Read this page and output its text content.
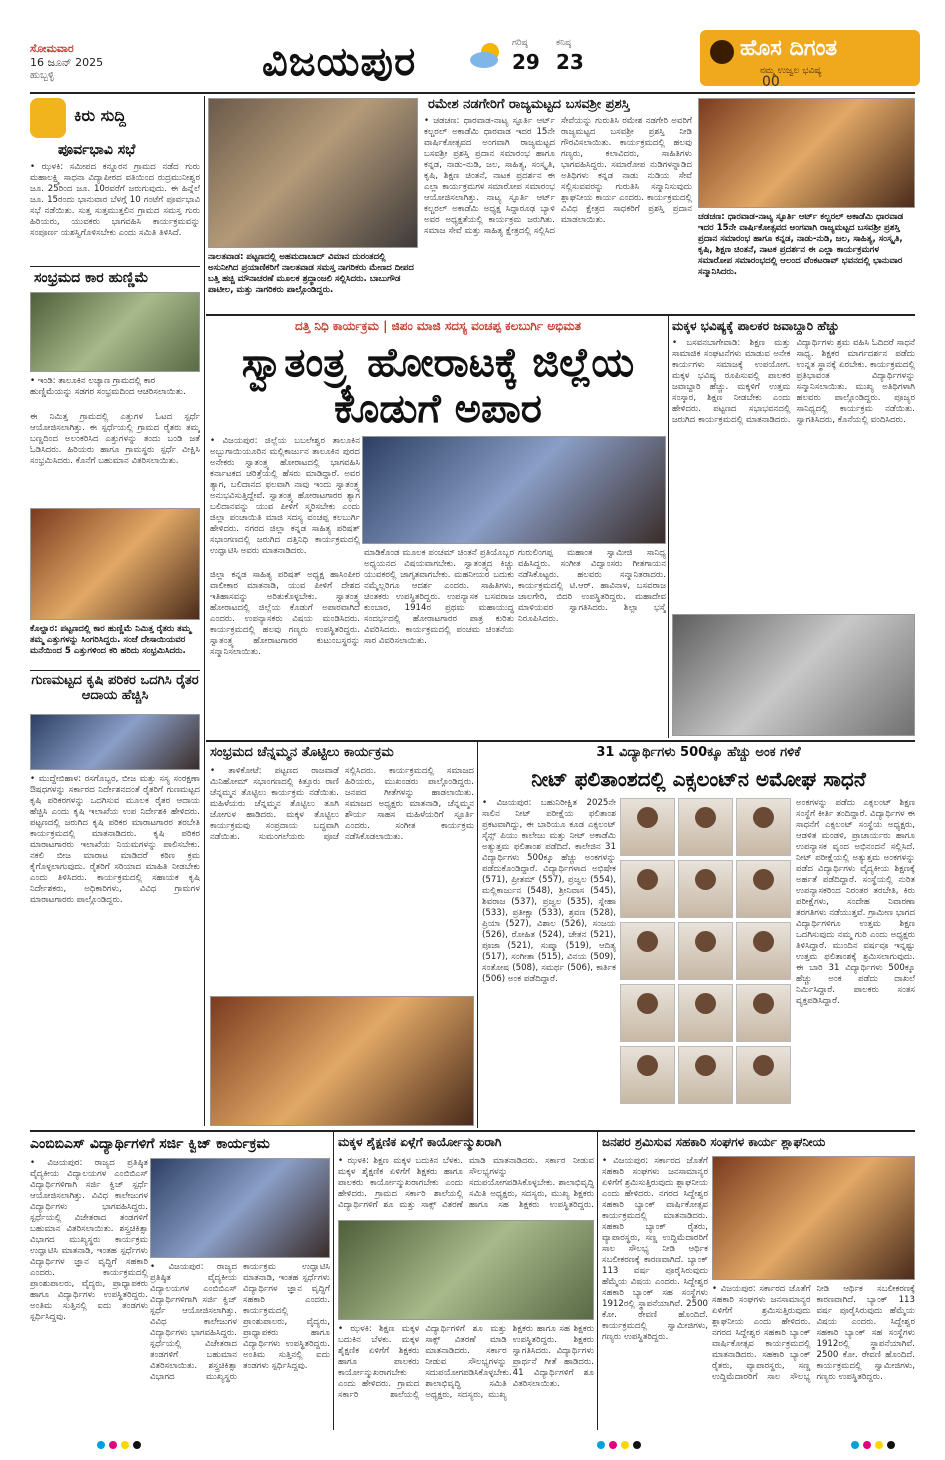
ಸೋಮವಾರ
16 ಜೂನ್ 2025
ಹುಬ್ಬಳ್ಳಿ	ವಿಜಯಪುರ	ಗರಿಷ್ಠ
29
ಕನಿಷ್ಠ
23
ಹೊಸ ದಿಗಂತ
ನಮ್ಮ ಉಜ್ವಲ ಭವಿಷ್ಯ
00
ಕಿರು ಸುದ್ದಿ
ಪೂರ್ವಭಾವಿ ಸಭೆ
• ಝಳಕಿ: ಸಮೀಪದ ಕನ್ನೂರನ ಗ್ರಾಮದ ನಡೆದ ಗುರು ಮಹಾಲಕ್ಷ್ಮಿ ಸಾಧನಾ ವಿದ್ಯಾಪೀಠದ ವತಿಯಿಂದ ರುದ್ರಮುನೀಶ್ವರ ಜೂ. 25ರಿಂದ ಜೂ. 10ರವರೆಗೆ ಜರುಗುವುದು. ಈ ಹಿನ್ನೆಲೆ ಜೂ. 15ರಂದು ಭಾನುವಾರ ಬೆಳಗ್ಗೆ 10 ಗಂಟೆಗೆ ಪೂರ್ವಭಾವಿ ಸಭೆ ನಡೆಯಿತು. ಸುತ್ತ ಸುತ್ತಮುತ್ತಲಿನ ಗ್ರಾಮದ ಸಮಸ್ತ ಗುರು ಹಿರಿಯರು, ಯುವಕರು ಭಾಗವಹಿಸಿ ಕಾರ್ಯಕ್ರಮವನ್ನು ಸಂಪೂರ್ಣ ಯಶಸ್ವಿಗೊಳಿಸಬೇಕು ಎಂದು ಸಮಿತಿ ತಿಳಿಸಿದೆ.
ಸಂಭ್ರಮದ ಕಾರ ಹುಣ್ಣಿಮೆ
• ಇಂಡಿ: ತಾಲೂಕಿನ ಲಚ್ಯಾಣ ಗ್ರಾಮದಲ್ಲಿ ಕಾರ ಹುಣ್ಣಿಮೆಯನ್ನು ಸಡಗರ ಸಂಭ್ರಮದಿಂದ ಆಚರಿಸಲಾಯಿತು.
ಈ ನಿಮಿತ್ತ ಗ್ರಾಮದಲ್ಲಿ ಎತ್ತುಗಳ ಓಟದ ಸ್ಪರ್ಧೆ ಆಯೋಜಿಸಲಾಗಿತ್ತು. ಈ ಸ್ಪರ್ಧೆಯಲ್ಲಿ ಗ್ರಾಮದ ರೈತರು ತಮ್ಮ ಬಣ್ಣದಿಂದ ಅಲಂಕರಿಸಿದ ಎತ್ತುಗಳನ್ನು ತಂದು ಬಂಡಿ ಜತೆ ಓಡಿಸಿದರು. ಹಿರಿಯರು ಹಾಗೂ ಗ್ರಾಮಸ್ಥರು ಸ್ಪರ್ಧೆ ವೀಕ್ಷಿಸಿ ಸಂಭ್ರಮಿಸಿದರು. ಕೊನೆಗೆ ಬಹುಮಾನ ವಿತರಿಸಲಾಯಿತು.
ಕೊಲ್ಹಾರ: ಪಟ್ಟಣದಲ್ಲಿ ಕಾರ ಹುಣ್ಣಿಮೆ ನಿಮಿತ್ತ ರೈತರು ತಮ್ಮ ತಮ್ಮ ಎತ್ತುಗಳನ್ನು ಸಿಂಗರಿಸಿದ್ದರು. ಸಂಜೆ ದೇಸಾಯಿಯವರ ಮನೆಯಿಂದ 5 ಎತ್ತುಗಳಿಂದ ಕರಿ ಹರಿದು ಸಂಭ್ರಮಿಸಿದರು.
ಗುಣಮಟ್ಟದ ಕೃಷಿ ಪರಿಕರ ಒದಗಿಸಿ ರೈತರ ಆದಾಯ ಹೆಚ್ಚಿಸಿ
• ಮುದ್ದೇಬಿಹಾಳ: ರಸಗೊಬ್ಬರ, ಬೀಜ ಮತ್ತು ಸಸ್ಯ ಸಂರಕ್ಷಣಾ ಔಷಧಗಳನ್ನು ಸರ್ಕಾರದ ನಿರ್ದೇಶನದಂತೆ ರೈತರಿಗೆ ಗುಣಮಟ್ಟದ ಕೃಷಿ ಪರಿಕರಗಳನ್ನು ಒದಗಿಸುವ ಮೂಲಕ ರೈತರ ಆದಾಯ ಹೆಚ್ಚಿಸಿ ಎಂದು ಕೃಷಿ ಇಲಾಖೆಯ ಉಪ ನಿರ್ದೇಶಕಿ ಹೇಳಿದರು. ಪಟ್ಟಣದಲ್ಲಿ ಜರುಗಿದ ಕೃಷಿ ಪರಿಕರ ಮಾರಾಟಗಾರರ ತರಬೇತಿ ಕಾರ್ಯಕ್ರಮದಲ್ಲಿ ಮಾತನಾಡಿದರು. ಕೃಷಿ ಪರಿಕರ ಮಾರಾಟಗಾರರು ಇಲಾಖೆಯ ನಿಯಮಗಳನ್ನು ಪಾಲಿಸಬೇಕು. ನಕಲಿ ಬೀಜ ಮಾರಾಟ ಮಾಡಿದರೆ ಕಠಿಣ ಕ್ರಮ ಕೈಗೊಳ್ಳಲಾಗುವುದು. ರೈತರಿಗೆ ಸರಿಯಾದ ಮಾಹಿತಿ ನೀಡಬೇಕು ಎಂದು ತಿಳಿಸಿದರು. ಕಾರ್ಯಕ್ರಮದಲ್ಲಿ ಸಹಾಯಕ ಕೃಷಿ ನಿರ್ದೇಶಕರು, ಅಧಿಕಾರಿಗಳು, ವಿವಿಧ ಗ್ರಾಮಗಳ ಮಾರಾಟಗಾರರು ಪಾಲ್ಗೊಂಡಿದ್ದರು.
ನಾಲತವಾಡ: ಪಟ್ಟಣದಲ್ಲಿ ಅಹಮದಾಬಾದ್ ವಿಮಾನ ದುರಂತದಲ್ಲಿ ಅಸುನೀಗಿದ ಪ್ರಯಾಣಿಕರಿಗೆ ನಾಲತವಾಡ ಸಮಸ್ತ ನಾಗರಿಕರು ಮೇಣದ ದೀಪದ ಬತ್ತಿ ಹಚ್ಚಿ ಮೌನಾಚರಣೆ ಮೂಲಕ ಶ್ರದ್ಧಾಂಜಲಿ ಸಲ್ಲಿಸಿದರು. ಬಾಬುಗೌಡ ಪಾಟೀಲ, ಮತ್ತು ನಾಗರಿಕರು ಪಾಲ್ಗೊಂಡಿದ್ದರು.
ರಮೇಶ ನಡಗೇರಿಗೆ ರಾಜ್ಯಮಟ್ಟದ ಬಸವಶ್ರೀ ಪ್ರಶಸ್ತಿ
• ಚಡಚಣ: ಧಾರವಾಡ-ನಾಟ್ಯ ಸ್ಫೂರ್ತಿ ಆರ್ಟ್ ಕಲ್ಚರಲ್ ಅಕಾಡೆಮಿ ಧಾರವಾಡ ಇದರ 15ನೇ ವಾರ್ಷಿಕೋತ್ಸವದ ಅಂಗವಾಗಿ ರಾಜ್ಯಮಟ್ಟದ ಬಸವಶ್ರೀ ಪ್ರಶಸ್ತಿ ಪ್ರದಾನ ಸಮಾರಂಭ ಹಾಗೂ ಕನ್ನಡ, ನಾಡು-ನುಡಿ, ಜಲ, ಸಾಹಿತ್ಯ, ಸಂಸ್ಕೃತಿ, ಕೃಷಿ, ಶಿಕ್ಷಣ ಚಿಂತನೆ, ನಾಟಕ ಪ್ರದರ್ಶನ ಈ ಎಲ್ಲಾ ಕಾರ್ಯಕ್ರಮಗಳ ಸಮಾರೋಪ ಸಮಾರಂಭ ಆಯೋಜಿಸಲಾಗಿತ್ತು. ನಾಟ್ಯ ಸ್ಫೂರ್ತಿ ಆರ್ಟ್ ಕಲ್ಚರಲ್ ಅಕಾಡೆಮಿ ಅಧ್ಯಕ್ಷ ಸಿದ್ದಾರೂಢ ಬ್ಯಾಳಿ ಅವರ ಅಧ್ಯಕ್ಷತೆಯಲ್ಲಿ ಕಾರ್ಯಕ್ರಮ ಜರುಗಿತು. ಸಮಾಜ ಸೇವೆ ಮತ್ತು ಸಾಹಿತ್ಯ ಕ್ಷೇತ್ರದಲ್ಲಿ ಸಲ್ಲಿಸಿದ ಸೇವೆಯನ್ನು ಗುರುತಿಸಿ ರಮೇಶ ನಡಗೇರಿ ಅವರಿಗೆ ರಾಜ್ಯಮಟ್ಟದ ಬಸವಶ್ರೀ ಪ್ರಶಸ್ತಿ ನೀಡಿ ಗೌರವಿಸಲಾಯಿತು. ಕಾರ್ಯಕ್ರಮದಲ್ಲಿ ಹಲವು ಗಣ್ಯರು, ಕಲಾವಿದರು, ಸಾಹಿತಿಗಳು ಭಾಗವಹಿಸಿದ್ದರು. ಸಮಾರೋಪ ನುಡಿಗಳನ್ನಾಡಿದ ಅತಿಥಿಗಳು ಕನ್ನಡ ನಾಡು ನುಡಿಯ ಸೇವೆ ಸಲ್ಲಿಸುವವರನ್ನು ಗುರುತಿಸಿ ಸನ್ಮಾನಿಸುವುದು ಶ್ಲಾಘನೀಯ ಕಾರ್ಯ ಎಂದರು. ಕಾರ್ಯಕ್ರಮದಲ್ಲಿ ವಿವಿಧ ಕ್ಷೇತ್ರದ ಸಾಧಕರಿಗೆ ಪ್ರಶಸ್ತಿ ಪ್ರದಾನ ಮಾಡಲಾಯಿತು.	ಚಡಚಣ: ಧಾರವಾಡ-ನಾಟ್ಯ ಸ್ಫೂರ್ತಿ ಆರ್ಟ್ ಕಲ್ಚರಲ್ ಅಕಾಡೆಮಿ ಧಾರವಾಡ ಇದರ 15ನೇ ವಾರ್ಷಿಕೋತ್ಸವದ ಅಂಗವಾಗಿ ರಾಜ್ಯಮಟ್ಟದ ಬಸವಶ್ರೀ ಪ್ರಶಸ್ತಿ ಪ್ರದಾನ ಸಮಾರಂಭ ಹಾಗೂ ಕನ್ನಡ, ನಾಡು-ನುಡಿ, ಜಲ, ಸಾಹಿತ್ಯ, ಸಂಸ್ಕೃತಿ, ಕೃಷಿ, ಶಿಕ್ಷಣ ಚಿಂತನೆ, ನಾಟಕ ಪ್ರದರ್ಶನ ಈ ಎಲ್ಲಾ ಕಾರ್ಯಕ್ರಮಗಳ ಸಮಾರೋಪ ಸಮಾರಂಭದಲ್ಲಿ ಆಲಂದ ವೆಂಕಟರಾವ್ ಭವನದಲ್ಲಿ ಭಾನುವಾರ ಸನ್ಮಾನಿಸಿದರು.
ದತ್ತಿ ನಿಧಿ ಕಾರ್ಯಕ್ರಮ | ಜಿಪಂ ಮಾಜಿ ಸದಸ್ಯ ವಂಚಪ್ಪ ಕಲಬುರ್ಗಿ ಅಭಿಮತ
ಸ್ವಾತಂತ್ರ್ಯ ಹೋರಾಟಕ್ಕೆ ಜಿಲ್ಲೆಯ ಕೊಡುಗೆ ಅಪಾರ
• ವಿಜಯಪುರ: ಜಿಲ್ಲೆಯ ಬಬಲೇಶ್ವರ ತಾಲೂಕಿನ ಅಬ್ಬುಗಾಯಿಯೂರಿನ ಮಲ್ಲಿಕಾರ್ಜುನ ತಾಲೂಕಿನ ಪುರದ ಅನೇಕರು ಸ್ವಾತಂತ್ರ್ಯ ಹೋರಾಟದಲ್ಲಿ ಭಾಗವಹಿಸಿ ಕರ್ನಾಟಕದ ಚರಿತ್ರೆಯಲ್ಲಿ ಹೆಸರು ಮಾಡಿದ್ದಾರೆ. ಅವರ ತ್ಯಾಗ, ಬಲಿದಾನದ ಫಲವಾಗಿ ನಾವು ಇಂದು ಸ್ವಾತಂತ್ರ್ಯ ಅನುಭವಿಸುತ್ತಿದ್ದೇವೆ. ಸ್ವಾತಂತ್ರ್ಯ ಹೋರಾಟಗಾರರ ತ್ಯಾಗ ಬಲಿದಾನವನ್ನು ಯುವ ಪೀಳಿಗೆ ಸ್ಮರಿಸಬೇಕು ಎಂದು ಜಿಲ್ಲಾ ಪಂಚಾಯಿತಿ ಮಾಜಿ ಸದಸ್ಯ ವಂಚಪ್ಪ ಕಲಬುರ್ಗಿ ಹೇಳಿದರು. ನಗರದ ಜಿಲ್ಲಾ ಕನ್ನಡ ಸಾಹಿತ್ಯ ಪರಿಷತ್ ಸಭಾಂಗಣದಲ್ಲಿ ಜರುಗಿದ ದತ್ತಿನಿಧಿ ಕಾರ್ಯಕ್ರಮದಲ್ಲಿ ಉದ್ಘಾಟಿಸಿ ಅವರು ಮಾತನಾಡಿದರು.
ಜಿಲ್ಲಾ ಕನ್ನಡ ಸಾಹಿತ್ಯ ಪರಿಷತ್ ಅಧ್ಯಕ್ಷ ಹಾಸಿಂಪೀರ ವಾಲೀಕಾರ ಮಾತನಾಡಿ, ಯುವ ಪೀಳಿಗೆ ದೇಶದ ಇತಿಹಾಸವನ್ನು ಅರಿತುಕೊಳ್ಳಬೇಕು. ಸ್ವಾತಂತ್ರ್ಯ ಹೋರಾಟದಲ್ಲಿ ಜಿಲ್ಲೆಯ ಕೊಡುಗೆ ಅಪಾರವಾಗಿದೆ ಎಂದರು. ಉಪನ್ಯಾಸಕರು ವಿಷಯ ಮಂಡಿಸಿದರು. ಕಾರ್ಯಕ್ರಮದಲ್ಲಿ ಹಲವು ಗಣ್ಯರು ಉಪಸ್ಥಿತರಿದ್ದರು. ಸ್ವಾತಂತ್ರ್ಯ ಹೋರಾಟಗಾರರ ಕುಟುಂಬಸ್ಥರನ್ನು ಸನ್ಮಾನಿಸಲಾಯಿತು.
ಮಾಡಿಕೊಂಡ ಮೂಲಕ ಪಂಚಮ್ ಚಿಂತನೆ ಪ್ರತಿಯೊಬ್ಬರ ಅಧ್ಯಯನದ ವಿಷಯವಾಗಬೇಕು. ಸ್ವಾತಂತ್ರ್ಯದ ಕಿಚ್ಚು ಯುವಕರಲ್ಲಿ ಜಾಗೃತವಾಗಬೇಕು. ಮಹನೀಯರ ಬದುಕು ನಮ್ಮೆಲ್ಲರಿಗೂ ಆದರ್ಶ ಎಂದರು. ಸಾಹಿತಿಗಳು, ಚಿಂತಕರು ಉಪಸ್ಥಿತರಿದ್ದರು. ಉಪನ್ಯಾಸಕ ಬಸವರಾಜ ಕುಂಬಾರ, 1914ರ ಪ್ರಥಮ ಮಹಾಯುದ್ಧ ಸಂದರ್ಭದಲ್ಲಿ ಹೋರಾಟಗಾರರ ಪಾತ್ರ ಕುರಿತು ವಿವರಿಸಿದರು. ಕಾರ್ಯಕ್ರಮದಲ್ಲಿ ಪಂಚಮ ಚಿಂತನೆಯ ಸಾರ ವಿವರಿಸಲಾಯಿತು.
ಗುರುಲಿಂಗಪ್ಪ ಮಹಾಂತ ಸ್ವಾಮೀಜಿ ಸಾನಿಧ್ಯ ವಹಿಸಿದ್ದರು. ಸಂಗೀತ ವಿದ್ವಾಂಸರು ಗೀತಗಾಯನ ನಡೆಸಿಕೊಟ್ಟರು. ಹಲವರು ಸನ್ಮಾನಿತರಾದರು. ಕಾರ್ಯಕ್ರಮದಲ್ಲಿ ಟಿ.ಆರ್. ಹಾವಿನಾಳ, ಬಸವರಾಜ ಜಾಲಗೇರಿ, ಬಿದರಿ ಉಪಸ್ಥಿತರಿದ್ದರು. ಮಹಾದೇವ ಮಾಳಿಯವರ ಸ್ವಾಗತಿಸಿದರು. ಶಿಲ್ಪಾ ಭಸ್ಮೆ ನಿರೂಪಿಸಿದರು.
ಮಕ್ಕಳ ಭವಿಷ್ಯಕ್ಕೆ ಪಾಲಕರ ಜವಾಬ್ದಾರಿ ಹೆಚ್ಚು
• ಬಸವನಬಾಗೇವಾಡಿ: ಶಿಕ್ಷಣ ಮತ್ತು ಸಾಮಾಜಿಕ ಸಂಘಟನೆಗಳು ಮಾಡುವ ಅನೇಕ ಕಾರ್ಯಗಳು ಸಮಾಜಕ್ಕೆ ಉಪಯೋಗ. ಮಕ್ಕಳ ಭವಿಷ್ಯ ರೂಪಿಸುವಲ್ಲಿ ಪಾಲಕರ ಜವಾಬ್ದಾರಿ ಹೆಚ್ಚು. ಮಕ್ಕಳಿಗೆ ಉತ್ತಮ ಸಂಸ್ಕಾರ, ಶಿಕ್ಷಣ ನೀಡಬೇಕು ಎಂದು ಹೇಳಿದರು. ಪಟ್ಟಣದ ಸಭಾಭವನದಲ್ಲಿ ಜರುಗಿದ ಕಾರ್ಯಕ್ರಮದಲ್ಲಿ ಮಾತನಾಡಿದರು. ವಿದ್ಯಾರ್ಥಿಗಳು ಶ್ರಮ ವಹಿಸಿ ಓದಿದರೆ ಸಾಧನೆ ಸಾಧ್ಯ. ಶಿಕ್ಷಕರ ಮಾರ್ಗದರ್ಶನ ಪಡೆದು ಉನ್ನತ ಸ್ಥಾನಕ್ಕೆ ಏರಬೇಕು. ಕಾರ್ಯಕ್ರಮದಲ್ಲಿ ಪ್ರತಿಭಾವಂತ ವಿದ್ಯಾರ್ಥಿಗಳನ್ನು ಸನ್ಮಾನಿಸಲಾಯಿತು. ಮುಖ್ಯ ಅತಿಥಿಗಳಾಗಿ ಹಲವರು ಪಾಲ್ಗೊಂಡಿದ್ದರು. ಪೂಜ್ಯರ ಸಾನಿಧ್ಯದಲ್ಲಿ ಕಾರ್ಯಕ್ರಮ ನಡೆಯಿತು. ಸ್ವಾಗತಿಸಿದರು, ಕೊನೆಯಲ್ಲಿ ವಂದಿಸಿದರು.
ಸಂಭ್ರಮದ ಚೆನ್ನಮ್ಮನ ತೊಟ್ಟಿಲು ಕಾರ್ಯಕ್ರಮ
• ತಾಳಿಕೋಟೆ: ಪಟ್ಟಣದ ರಾಜವಾಡೆ ಮಿನಿಹೋಮ್ ಸಭಾಂಗಣದಲ್ಲಿ ಕಿತ್ತೂರು ರಾಣಿ ಚೆನ್ನಮ್ಮನ ತೊಟ್ಟಿಲು ಕಾರ್ಯಕ್ರಮ ನಡೆಯಿತು. ಮಹಿಳೆಯರು ಚೆನ್ನಮ್ಮನ ತೊಟ್ಟಿಲು ತೂಗಿ ಜೋಗುಳ ಹಾಡಿದರು. ಮಕ್ಕಳ ತೊಟ್ಟಿಲು ಕಾರ್ಯಕ್ರಮವು ಸಂಪ್ರದಾಯ ಬದ್ಧವಾಗಿ ನಡೆಯಿತು. ಸುಮಂಗಲೆಯರು ಪೂಜೆ ಸಲ್ಲಿಸಿದರು. ಕಾರ್ಯಕ್ರಮದಲ್ಲಿ ಸಮಾಜದ ಹಿರಿಯರು, ಮುಖಂಡರು ಪಾಲ್ಗೊಂಡಿದ್ದರು. ಜನಪದ ಗೀತೆಗಳನ್ನು ಹಾಡಲಾಯಿತು. ಸಮಾಜದ ಅಧ್ಯಕ್ಷರು ಮಾತನಾಡಿ, ಚೆನ್ನಮ್ಮನ ಶೌರ್ಯ ಸಾಹಸ ಮಹಿಳೆಯರಿಗೆ ಸ್ಫೂರ್ತಿ ಎಂದರು. ಸಂಗೀತ ಕಾರ್ಯಕ್ರಮ ನಡೆಸಿಕೊಡಲಾಯಿತು.
31 ವಿದ್ಯಾರ್ಥಿಗಳು 500ಕ್ಕೂ ಹೆಚ್ಚು ಅಂಕ ಗಳಿಕೆ
ನೀಟ್ ಫಲಿತಾಂಶದಲ್ಲಿ ಎಕ್ಸಲಂಟ್‌ನ ಅಮೋಘ ಸಾಧನೆ
• ವಿಜಯಪುರ: ಬಹುನಿರೀಕ್ಷಿತ 2025ನೇ ಸಾಲಿನ ನೀಟ್ ಪರೀಕ್ಷೆಯ ಫಲಿತಾಂಶ ಪ್ರಕಟವಾಗಿದ್ದು, ಈ ಬಾರಿಯೂ ಕೂಡ ಎಕ್ಸಲಂಟ್ ಸೈನ್ಸ್ ಪಿಯು ಕಾಲೇಜು ಮತ್ತು ನೀಟ್ ಅಕಾಡೆಮಿ ಅತ್ಯುತ್ತಮ ಫಲಿತಾಂಶ ಪಡೆದಿದೆ. ಕಾಲೇಜಿನ 31 ವಿದ್ಯಾರ್ಥಿಗಳು 500ಕ್ಕೂ ಹೆಚ್ಚು ಅಂಕಗಳನ್ನು ಪಡೆದುಕೊಂಡಿದ್ದಾರೆ. ವಿದ್ಯಾರ್ಥಿಗಳಾದ ಅಭಿಷೇಕ (571), ಪ್ರೀತಮ್ (557), ಪ್ರಜ್ವಲ (554), ಮಲ್ಲಿಕಾರ್ಜುನ (548), ಶ್ರೀನಿವಾಸ (545), ಶಿವರಾಜ (537), ಪ್ರಜ್ವಲ (535), ಸ್ನೇಹಾ (533), ಪ್ರತೀಕ್ಷಾ (533), ಶ್ರವಣ (528), ಪ್ರಿಯಾ (527), ವಿಶಾಲ (526), ಸಂಜಯ (526), ರೋಹಿತ (524), ಚೇತನ (521), ಪೂಜಾ (521), ಸುಷ್ಮಾ (519), ಆದಿತ್ಯ (517), ಸಂಗೀತಾ (515), ವಿನಯ (509), ಸಂತೋಷ (508), ಸಮರ್ಥ (506), ಕಾರ್ತಿಕ (506) ಅಂಕ ಪಡೆದಿದ್ದಾರೆ.
ಅಂಕಗಳನ್ನು ಪಡೆದು ಎಕ್ಸಲಂಟ್ ಶಿಕ್ಷಣ ಸಂಸ್ಥೆಗೆ ಕೀರ್ತಿ ತಂದಿದ್ದಾರೆ. ವಿದ್ಯಾರ್ಥಿಗಳ ಈ ಸಾಧನೆಗೆ ಎಕ್ಸಲಂಟ್ ಸಂಸ್ಥೆಯ ಅಧ್ಯಕ್ಷರು, ಆಡಳಿತ ಮಂಡಳಿ, ಪ್ರಾಚಾರ್ಯರು ಹಾಗೂ ಉಪನ್ಯಾಸಕ ವೃಂದ ಅಭಿನಂದನೆ ಸಲ್ಲಿಸಿದೆ. ನೀಟ್ ಪರೀಕ್ಷೆಯಲ್ಲಿ ಅತ್ಯುತ್ತಮ ಅಂಕಗಳನ್ನು ಪಡೆದ ವಿದ್ಯಾರ್ಥಿಗಳು ವೈದ್ಯಕೀಯ ಶಿಕ್ಷಣಕ್ಕೆ ಅರ್ಹತೆ ಪಡೆದಿದ್ದಾರೆ. ಸಂಸ್ಥೆಯಲ್ಲಿ ನುರಿತ ಉಪನ್ಯಾಸಕರಿಂದ ನಿರಂತರ ತರಬೇತಿ, ಕಿರು ಪರೀಕ್ಷೆಗಳು, ಸಂದೇಹ ನಿವಾರಣಾ ತರಗತಿಗಳು ನಡೆಯುತ್ತವೆ. ಗ್ರಾಮೀಣ ಭಾಗದ ವಿದ್ಯಾರ್ಥಿಗಳಿಗೂ ಉತ್ತಮ ಶಿಕ್ಷಣ ಒದಗಿಸುವುದು ನಮ್ಮ ಗುರಿ ಎಂದು ಅಧ್ಯಕ್ಷರು ತಿಳಿಸಿದ್ದಾರೆ. ಮುಂದಿನ ವರ್ಷವೂ ಇನ್ನಷ್ಟು ಉತ್ತಮ ಫಲಿತಾಂಶಕ್ಕೆ ಶ್ರಮಿಸಲಾಗುವುದು. ಈ ಬಾರಿ 31 ವಿದ್ಯಾರ್ಥಿಗಳು 500ಕ್ಕೂ ಹೆಚ್ಚು ಅಂಕ ಪಡೆದು ದಾಖಲೆ ನಿರ್ಮಿಸಿದ್ದಾರೆ. ಪಾಲಕರು ಸಂತಸ ವ್ಯಕ್ತಪಡಿಸಿದ್ದಾರೆ.
ಎಂಬಿಬಿಎಸ್ ವಿದ್ಯಾರ್ಥಿಗಳಿಗೆ ಸರ್ಜಿ ಕ್ವಿಜ್ ಕಾರ್ಯಕ್ರಮ
• ವಿಜಯಪುರ: ರಾಜ್ಯದ ಪ್ರತಿಷ್ಠಿತ ವೈದ್ಯಕೀಯ ವಿದ್ಯಾಲಯಗಳ ಎಂಬಿಬಿಎಸ್ ವಿದ್ಯಾರ್ಥಿಗಳಿಗಾಗಿ ಸರ್ಜಿ ಕ್ವಿಜ್ ಸ್ಪರ್ಧೆ ಆಯೋಜಿಸಲಾಗಿತ್ತು. ವಿವಿಧ ಕಾಲೇಜುಗಳ ವಿದ್ಯಾರ್ಥಿಗಳು ಭಾಗವಹಿಸಿದ್ದರು. ಸ್ಪರ್ಧೆಯಲ್ಲಿ ವಿಜೇತರಾದ ತಂಡಗಳಿಗೆ ಬಹುಮಾನ ವಿತರಿಸಲಾಯಿತು. ಶಸ್ತ್ರಚಿಕಿತ್ಸಾ ವಿಭಾಗದ ಮುಖ್ಯಸ್ಥರು ಕಾರ್ಯಕ್ರಮ ಉದ್ಘಾಟಿಸಿ ಮಾತನಾಡಿ, ಇಂತಹ ಸ್ಪರ್ಧೆಗಳು ವಿದ್ಯಾರ್ಥಿಗಳ ಜ್ಞಾನ ವೃದ್ಧಿಗೆ ಸಹಕಾರಿ ಎಂದರು. ಕಾರ್ಯಕ್ರಮದಲ್ಲಿ ಪ್ರಾಂಶುಪಾಲರು, ವೈದ್ಯರು, ಪ್ರಾಧ್ಯಾಪಕರು ಹಾಗೂ ವಿದ್ಯಾರ್ಥಿಗಳು ಉಪಸ್ಥಿತರಿದ್ದರು. ಅಂತಿಮ ಸುತ್ತಿನಲ್ಲಿ ಐದು ತಂಡಗಳು ಸ್ಪರ್ಧಿಸಿದ್ದವು.
• ವಿಜಯಪುರ: ರಾಜ್ಯದ ಪ್ರತಿಷ್ಠಿತ ವೈದ್ಯಕೀಯ ವಿದ್ಯಾಲಯಗಳ ಎಂಬಿಬಿಎಸ್ ವಿದ್ಯಾರ್ಥಿಗಳಿಗಾಗಿ ಸರ್ಜಿ ಕ್ವಿಜ್ ಸ್ಪರ್ಧೆ ಆಯೋಜಿಸಲಾಗಿತ್ತು. ವಿವಿಧ ಕಾಲೇಜುಗಳ ವಿದ್ಯಾರ್ಥಿಗಳು ಭಾಗವಹಿಸಿದ್ದರು. ಸ್ಪರ್ಧೆಯಲ್ಲಿ ವಿಜೇತರಾದ ತಂಡಗಳಿಗೆ ಬಹುಮಾನ ವಿತರಿಸಲಾಯಿತು. ಶಸ್ತ್ರಚಿಕಿತ್ಸಾ ವಿಭಾಗದ ಮುಖ್ಯಸ್ಥರು ಕಾರ್ಯಕ್ರಮ ಉದ್ಘಾಟಿಸಿ ಮಾತನಾಡಿ, ಇಂತಹ ಸ್ಪರ್ಧೆಗಳು ವಿದ್ಯಾರ್ಥಿಗಳ ಜ್ಞಾನ ವೃದ್ಧಿಗೆ ಸಹಕಾರಿ ಎಂದರು. ಕಾರ್ಯಕ್ರಮದಲ್ಲಿ ಪ್ರಾಂಶುಪಾಲರು, ವೈದ್ಯರು, ಪ್ರಾಧ್ಯಾಪಕರು ಹಾಗೂ ವಿದ್ಯಾರ್ಥಿಗಳು ಉಪಸ್ಥಿತರಿದ್ದರು. ಅಂತಿಮ ಸುತ್ತಿನಲ್ಲಿ ಐದು ತಂಡಗಳು ಸ್ಪರ್ಧಿಸಿದ್ದವು.
ಮಕ್ಕಳ ಶೈಕ್ಷಣಿಕ ಏಳ್ಗೆಗೆ ಕಾರ್ಯೋನ್ಮುಖರಾಗಿ
• ಝಳಕಿ: ಶಿಕ್ಷಣ ಮಕ್ಕಳ ಬದುಕಿನ ಬೆಳಕು. ಮಕ್ಕಳ ಶೈಕ್ಷಣಿಕ ಏಳಿಗೆಗೆ ಶಿಕ್ಷಕರು ಹಾಗೂ ಪಾಲಕರು ಕಾರ್ಯೋನ್ಮುಖರಾಗಬೇಕು ಎಂದು ಹೇಳಿದರು. ಗ್ರಾಮದ ಸರ್ಕಾರಿ ಶಾಲೆಯಲ್ಲಿ ವಿದ್ಯಾರ್ಥಿಗಳಿಗೆ ಶೂ ಮತ್ತು ಸಾಕ್ಸ್ ವಿತರಣೆ ಮಾಡಿ ಮಾತನಾಡಿದರು. ಸರ್ಕಾರ ನೀಡುವ ಸೌಲಭ್ಯಗಳನ್ನು ಸದುಪಯೋಗಪಡಿಸಿಕೊಳ್ಳಬೇಕು. ಶಾಲಾಭಿವೃದ್ಧಿ ಸಮಿತಿ ಅಧ್ಯಕ್ಷರು, ಸದಸ್ಯರು, ಮುಖ್ಯ ಶಿಕ್ಷಕರು ಹಾಗೂ ಸಹ ಶಿಕ್ಷಕರು ಉಪಸ್ಥಿತರಿದ್ದರು.
• ಝಳಕಿ: ಶಿಕ್ಷಣ ಮಕ್ಕಳ ಬದುಕಿನ ಬೆಳಕು. ಮಕ್ಕಳ ಶೈಕ್ಷಣಿಕ ಏಳಿಗೆಗೆ ಶಿಕ್ಷಕರು ಹಾಗೂ ಪಾಲಕರು ಕಾರ್ಯೋನ್ಮುಖರಾಗಬೇಕು ಎಂದು ಹೇಳಿದರು. ಗ್ರಾಮದ ಸರ್ಕಾರಿ ಶಾಲೆಯಲ್ಲಿ ವಿದ್ಯಾರ್ಥಿಗಳಿಗೆ ಶೂ ಮತ್ತು ಸಾಕ್ಸ್ ವಿತರಣೆ ಮಾಡಿ ಮಾತನಾಡಿದರು. ಸರ್ಕಾರ ನೀಡುವ ಸೌಲಭ್ಯಗಳನ್ನು ಸದುಪಯೋಗಪಡಿಸಿಕೊಳ್ಳಬೇಕು. ಶಾಲಾಭಿವೃದ್ಧಿ ಸಮಿತಿ ಅಧ್ಯಕ್ಷರು, ಸದಸ್ಯರು, ಮುಖ್ಯ ಶಿಕ್ಷಕರು ಹಾಗೂ ಸಹ ಶಿಕ್ಷಕರು ಉಪಸ್ಥಿತರಿದ್ದರು. ಶಿಕ್ಷಕರು ಸ್ವಾಗತಿಸಿದರು. ವಿದ್ಯಾರ್ಥಿಗಳು ಪ್ರಾರ್ಥನೆ ಗೀತೆ ಹಾಡಿದರು. 41 ವಿದ್ಯಾರ್ಥಿಗಳಿಗೆ ಶೂ ವಿತರಿಸಲಾಯಿತು.
ಜನಪರ ಶ್ರಮಿಸುವ ಸಹಕಾರಿ ಸಂಘಗಳ ಕಾರ್ಯ ಶ್ಲಾಘನೀಯ
• ವಿಜಯಪುರ: ಸರ್ಕಾರದ ಜೊತೆಗೆ ಸಹಕಾರಿ ಸಂಘಗಳು ಜನಸಾಮಾನ್ಯರ ಏಳಿಗೆಗೆ ಶ್ರಮಿಸುತ್ತಿರುವುದು ಶ್ಲಾಘನೀಯ ಎಂದು ಹೇಳಿದರು. ನಗರದ ಸಿದ್ದೇಶ್ವರ ಸಹಕಾರಿ ಬ್ಯಾಂಕ್ ವಾರ್ಷಿಕೋತ್ಸವ ಕಾರ್ಯಕ್ರಮದಲ್ಲಿ ಮಾತನಾಡಿದರು. ಸಹಕಾರಿ ಬ್ಯಾಂಕ್ ರೈತರು, ವ್ಯಾಪಾರಸ್ಥರು, ಸಣ್ಣ ಉದ್ದಿಮೆದಾರರಿಗೆ ಸಾಲ ಸೌಲಭ್ಯ ನೀಡಿ ಆರ್ಥಿಕ ಸಬಲೀಕರಣಕ್ಕೆ ಕಾರಣವಾಗಿದೆ. ಬ್ಯಾಂಕ್ 113 ವರ್ಷ ಪೂರೈಸಿರುವುದು ಹೆಮ್ಮೆಯ ವಿಷಯ ಎಂದರು. ಸಿದ್ದೇಶ್ವರ ಸಹಕಾರಿ ಬ್ಯಾಂಕ್ ಸಹ ಸಂಸ್ಥೆಗಳು 1912ರಲ್ಲಿ ಸ್ಥಾಪನೆಯಾಗಿವೆ. 2500 ಕೋ. ಠೇವಣಿ ಹೊಂದಿದೆ. ಕಾರ್ಯಕ್ರಮದಲ್ಲಿ ಸ್ವಾಮೀಜಿಗಳು, ಗಣ್ಯರು ಉಪಸ್ಥಿತರಿದ್ದರು.
• ವಿಜಯಪುರ: ಸರ್ಕಾರದ ಜೊತೆಗೆ ಸಹಕಾರಿ ಸಂಘಗಳು ಜನಸಾಮಾನ್ಯರ ಏಳಿಗೆಗೆ ಶ್ರಮಿಸುತ್ತಿರುವುದು ಶ್ಲಾಘನೀಯ ಎಂದು ಹೇಳಿದರು. ನಗರದ ಸಿದ್ದೇಶ್ವರ ಸಹಕಾರಿ ಬ್ಯಾಂಕ್ ವಾರ್ಷಿಕೋತ್ಸವ ಕಾರ್ಯಕ್ರಮದಲ್ಲಿ ಮಾತನಾಡಿದರು. ಸಹಕಾರಿ ಬ್ಯಾಂಕ್ ರೈತರು, ವ್ಯಾಪಾರಸ್ಥರು, ಸಣ್ಣ ಉದ್ದಿಮೆದಾರರಿಗೆ ಸಾಲ ಸೌಲಭ್ಯ ನೀಡಿ ಆರ್ಥಿಕ ಸಬಲೀಕರಣಕ್ಕೆ ಕಾರಣವಾಗಿದೆ. ಬ್ಯಾಂಕ್ 113 ವರ್ಷ ಪೂರೈಸಿರುವುದು ಹೆಮ್ಮೆಯ ವಿಷಯ ಎಂದರು. ಸಿದ್ದೇಶ್ವರ ಸಹಕಾರಿ ಬ್ಯಾಂಕ್ ಸಹ ಸಂಸ್ಥೆಗಳು 1912ರಲ್ಲಿ ಸ್ಥಾಪನೆಯಾಗಿವೆ. 2500 ಕೋ. ಠೇವಣಿ ಹೊಂದಿದೆ. ಕಾರ್ಯಕ್ರಮದಲ್ಲಿ ಸ್ವಾಮೀಜಿಗಳು, ಗಣ್ಯರು ಉಪಸ್ಥಿತರಿದ್ದರು.
